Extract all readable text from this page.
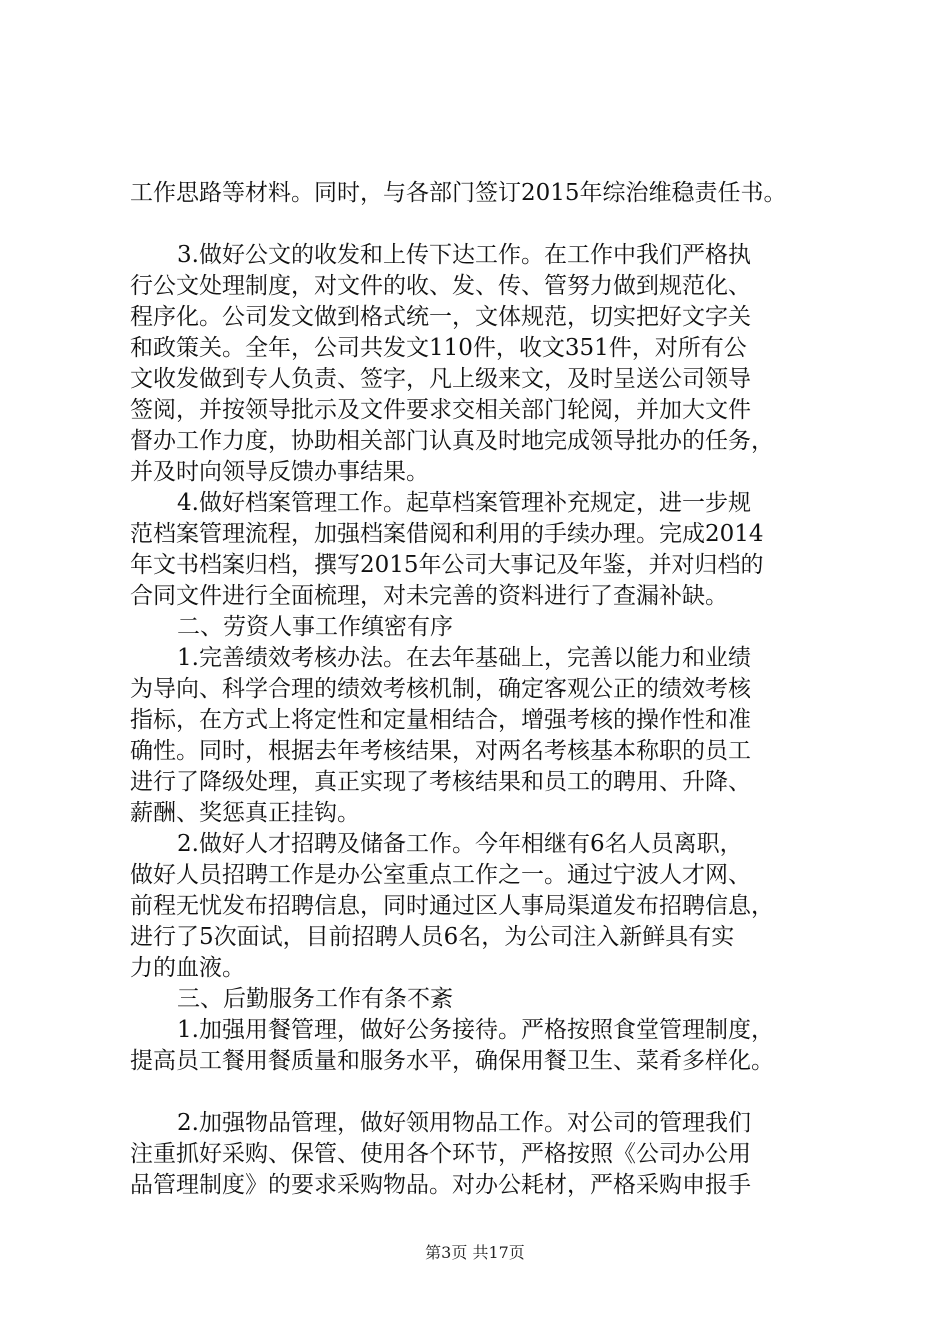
工作思路等材料。同时，与各部门签订2015年综治维稳责任书。
3.做好公文的收发和上传下达工作。在工作中我们严格执
行公文处理制度，对文件的收、发、传、管努力做到规范化、
程序化。公司发文做到格式统一，文体规范，切实把好文字关
和政策关。全年，公司共发文110件，收文351件，对所有公
文收发做到专人负责、签字，凡上级来文，及时呈送公司领导
签阅，并按领导批示及文件要求交相关部门轮阅，并加大文件
督办工作力度，协助相关部门认真及时地完成领导批办的任务，
并及时向领导反馈办事结果。
4.做好档案管理工作。起草档案管理补充规定，进一步规
范档案管理流程，加强档案借阅和利用的手续办理。完成2014
年文书档案归档，撰写2015年公司大事记及年鉴，并对归档的
合同文件进行全面梳理，对未完善的资料进行了查漏补缺。
二、劳资人事工作缜密有序
1.完善绩效考核办法。在去年基础上，完善以能力和业绩
为导向、科学合理的绩效考核机制，确定客观公正的绩效考核
指标，在方式上将定性和定量相结合，增强考核的操作性和准
确性。同时，根据去年考核结果，对两名考核基本称职的员工
进行了降级处理，真正实现了考核结果和员工的聘用、升降、
薪酬、奖惩真正挂钩。
2.做好人才招聘及储备工作。今年相继有6名人员离职，
做好人员招聘工作是办公室重点工作之一。通过宁波人才网、
前程无忧发布招聘信息，同时通过区人事局渠道发布招聘信息，
进行了5次面试，目前招聘人员6名，为公司注入新鲜具有实
力的血液。
三、后勤服务工作有条不紊
1.加强用餐管理，做好公务接待。严格按照食堂管理制度，
提高员工餐用餐质量和服务水平，确保用餐卫生、菜肴多样化。
2.加强物品管理，做好领用物品工作。对公司的管理我们
注重抓好采购、保管、使用各个环节，严格按照《公司办公用
品管理制度》的要求采购物品。对办公耗材，严格采购申报手
第3页 共17页
